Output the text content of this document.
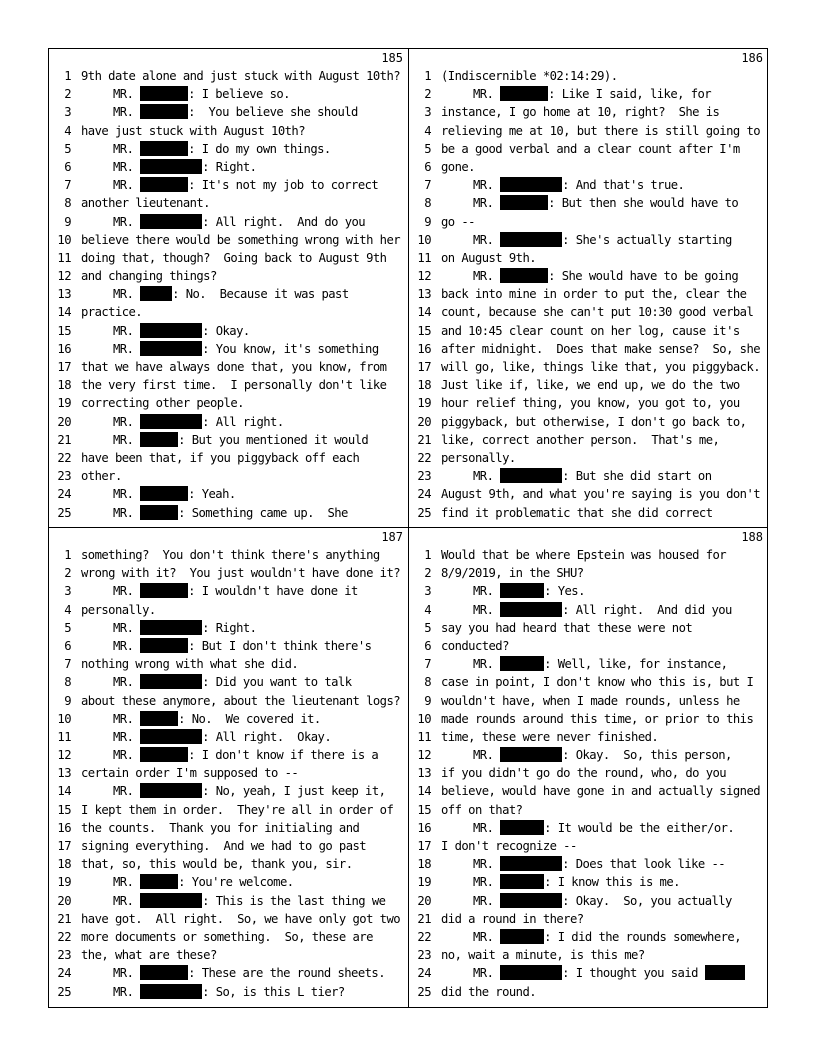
185
1 9th date alone and just stuck with August 10th?
2	MR.	: I believe so.
3	MR.	:  You believe she should
4 have just stuck with August 10th?
5	MR.	: I do my own things.
6	MR.	: Right.
7	MR.	: It's not my job to correct
8 another lieutenant.
9	MR.	: All right.  And do you
10 believe there would be something wrong with her
11 doing that, though?  Going back to August 9th
12 and changing things?
13	MR.	: No.  Because it was past
14 practice.
15	MR.	: Okay.
16	MR.	: You know, it's something
17 that we have always done that, you know, from
18 the very first time.  I personally don't like
19 correcting other people.
20	MR.	: All right.
21	MR.	: But you mentioned it would
22 have been that, if you piggyback off each
23 other.
24	MR.	: Yeah.
25	MR.	: Something came up.  She
186
1 (Indiscernible *02:14:29).
2	MR.	: Like I said, like, for
3 instance, I go home at 10, right?  She is
4 relieving me at 10, but there is still going to
5 be a good verbal and a clear count after I'm
6 gone.
7	MR.	: And that's true.
8	MR.	: But then she would have to
9 go --
10	MR.	: She's actually starting
11 on August 9th.
12	MR.	: She would have to be going
13 back into mine in order to put the, clear the
14 count, because she can't put 10:30 good verbal
15 and 10:45 clear count on her log, cause it's
16 after midnight.  Does that make sense?  So, she
17 will go, like, things like that, you piggyback.
18 Just like if, like, we end up, we do the two
19 hour relief thing, you know, you got to, you
20 piggyback, but otherwise, I don't go back to,
21 like, correct another person.  That's me,
22 personally.
23	MR.	: But she did start on
24 August 9th, and what you're saying is you don't
25 find it problematic that she did correct
187
1 something?  You don't think there's anything
2 wrong with it?  You just wouldn't have done it?
3	MR.	: I wouldn't have done it
4 personally.
5	MR.	: Right.
6	MR.	: But I don't think there's
7 nothing wrong with what she did.
8	MR.	: Did you want to talk
9 about these anymore, about the lieutenant logs?
10	MR.	: No.  We covered it.
11	MR.	: All right.  Okay.
12	MR.	: I don't know if there is a
13 certain order I'm supposed to --
14	MR.	: No, yeah, I just keep it,
15 I kept them in order.  They're all in order of
16 the counts.  Thank you for initialing and
17 signing everything.  And we had to go past
18 that, so, this would be, thank you, sir.
19	MR.	: You're welcome.
20	MR.	: This is the last thing we
21 have got.  All right.  So, we have only got two
22 more documents or something.  So, these are
23 the, what are these?
24	MR.	: These are the round sheets.
25	MR.	: So, is this L tier?
188
1 Would that be where Epstein was housed for
2 8/9/2019, in the SHU?
3	MR.	: Yes.
4	MR.	: All right.  And did you
5 say you had heard that these were not
6 conducted?
7	MR.	: Well, like, for instance,
8 case in point, I don't know who this is, but I
9 wouldn't have, when I made rounds, unless he
10 made rounds around this time, or prior to this
11 time, these were never finished.
12	MR.	: Okay.  So, this person,
13 if you didn't go do the round, who, do you
14 believe, would have gone in and actually signed
15 off on that?
16	MR.	: It would be the either/or.
17 I don't recognize --
18	MR.	: Does that look like --
19	MR.	: I know this is me.
20	MR.	: Okay.  So, you actually
21 did a round in there?
22	MR.	: I did the rounds somewhere,
23 no, wait a minute, is this me?
24	MR.	: I thought you said
25 did the round.
